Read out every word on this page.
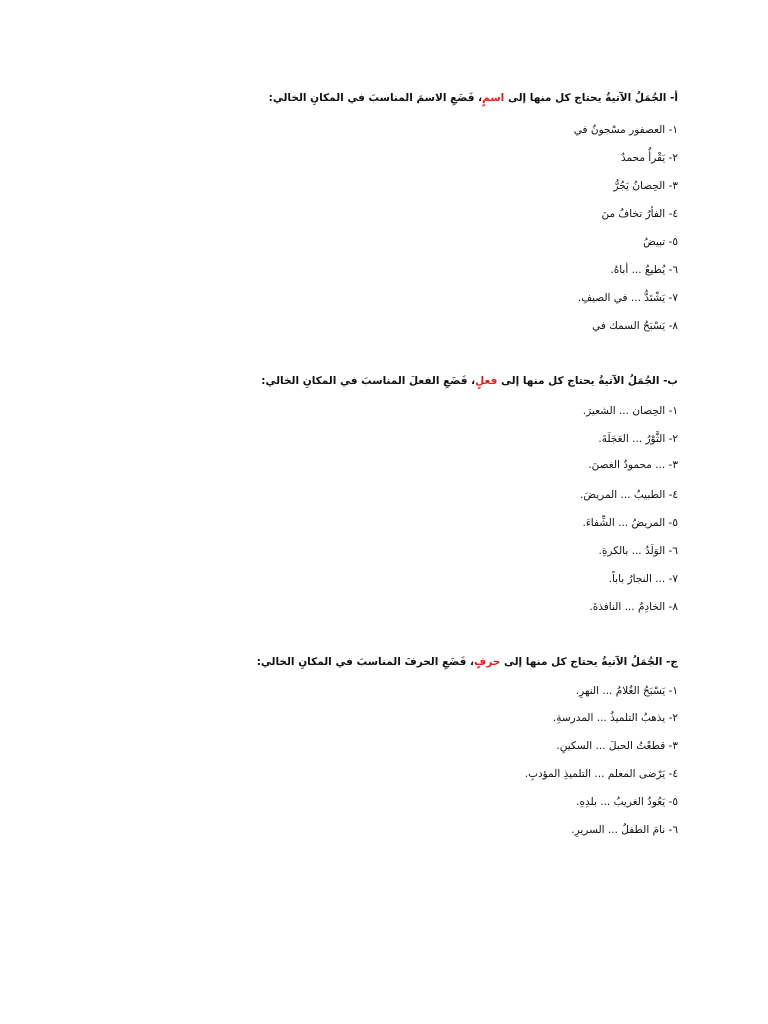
أ- الجُمَلُ الآتيةُ يحتاج كل منها إلى اسمٍ، فَضَعِ الاسمَ المناسبَ في المكانِ الخالي:
١- العصفور مسْجونٌ في
٢- يَقْرأُ محمدٌ
٣- الحِصانُ يَجُرُّ
٤- الفأرُ تخافُ منَ
٥- تبيضُ
٦- يُطيعُ ... أباهُ.
٧- يَشْتَدُّ ... في الصيفِ.
٨- يَسْبَحُ السمك في
ب- الجُمَلُ الآتيةُ يحتاج كل منها إلى فعلٍ، فَضَعِ الفعلَ المناسبَ في المكانِ الخالي:
١- الحِصان ... الشعيرَ.
٢- الثَّوْرُ ... العَجَلَةَ.
٣- ... محمودٌ الغصنَ.
٤- الطبيبُ ... المريضَ.
٥- المريضُ ... الشِّفاءَ.
٦- الوَلَدُ ... بالكرةِ.
٧- ... النجارُ باباً.
٨- الخادِمُ ... النافذةَ.
ج- الجُمَلُ الآتيةُ يحتاج كل منها إلى حرفٍ، فَضَعِ الحرفَ المناسبَ في المكانِ الخالي:
١- يَسْبَحُ الغُلامُ ... النهرِ.
٢- يذهبُ التلميذُ ... المدرسةِ.
٣- قطعْتُ الحبلَ ... السكينِ.
٤- يَرْضى المعلم ... التلميذِ المؤدبِ.
٥- يَعُودُ الغريبُ ... بلدِهِ.
٦- نامَ الطفلُ ... السريرِ.
